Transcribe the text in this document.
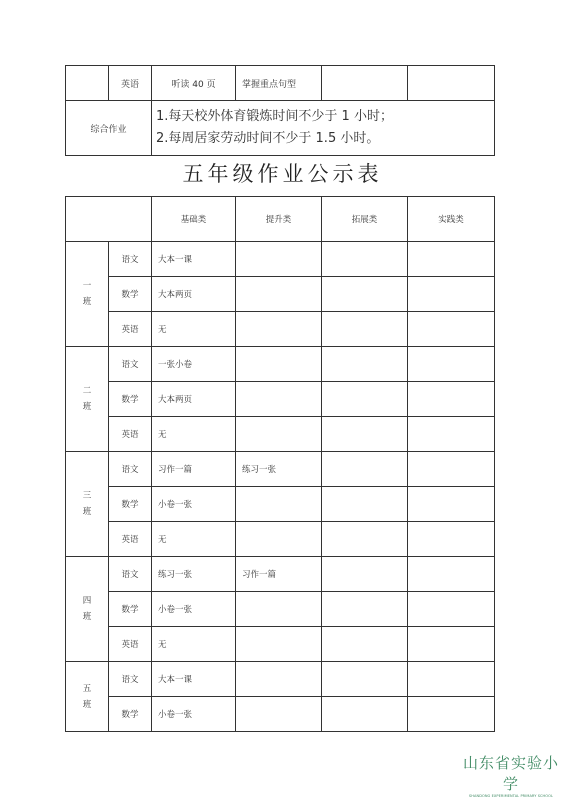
	英语	听读 40 页	掌握重点句型		
综合作业		1.每天校外体育锻炼时间不少于 1 小时；
2.每周居家劳动时间不少于 1.5 小时。			
五年级作业公示表
		基础类	提升类	拓展类	实践类
一
班	语文	大本一课			
	数学	大本两页			
	英语	无			
二
班	语文	一张小卷			
	数学	大本两页			
	英语	无			
三
班	语文	习作一篇	练习一张		
	数学	小卷一张			
	英语	无			
四
班	语文	练习一张	习作一篇		
	数学	小卷一张			
	英语	无			
五
班	语文	大本一课			
	数学	小卷一张			
山东省实验小学
SHANDONG EXPERIMENTAL PRIMARY SCHOOL
